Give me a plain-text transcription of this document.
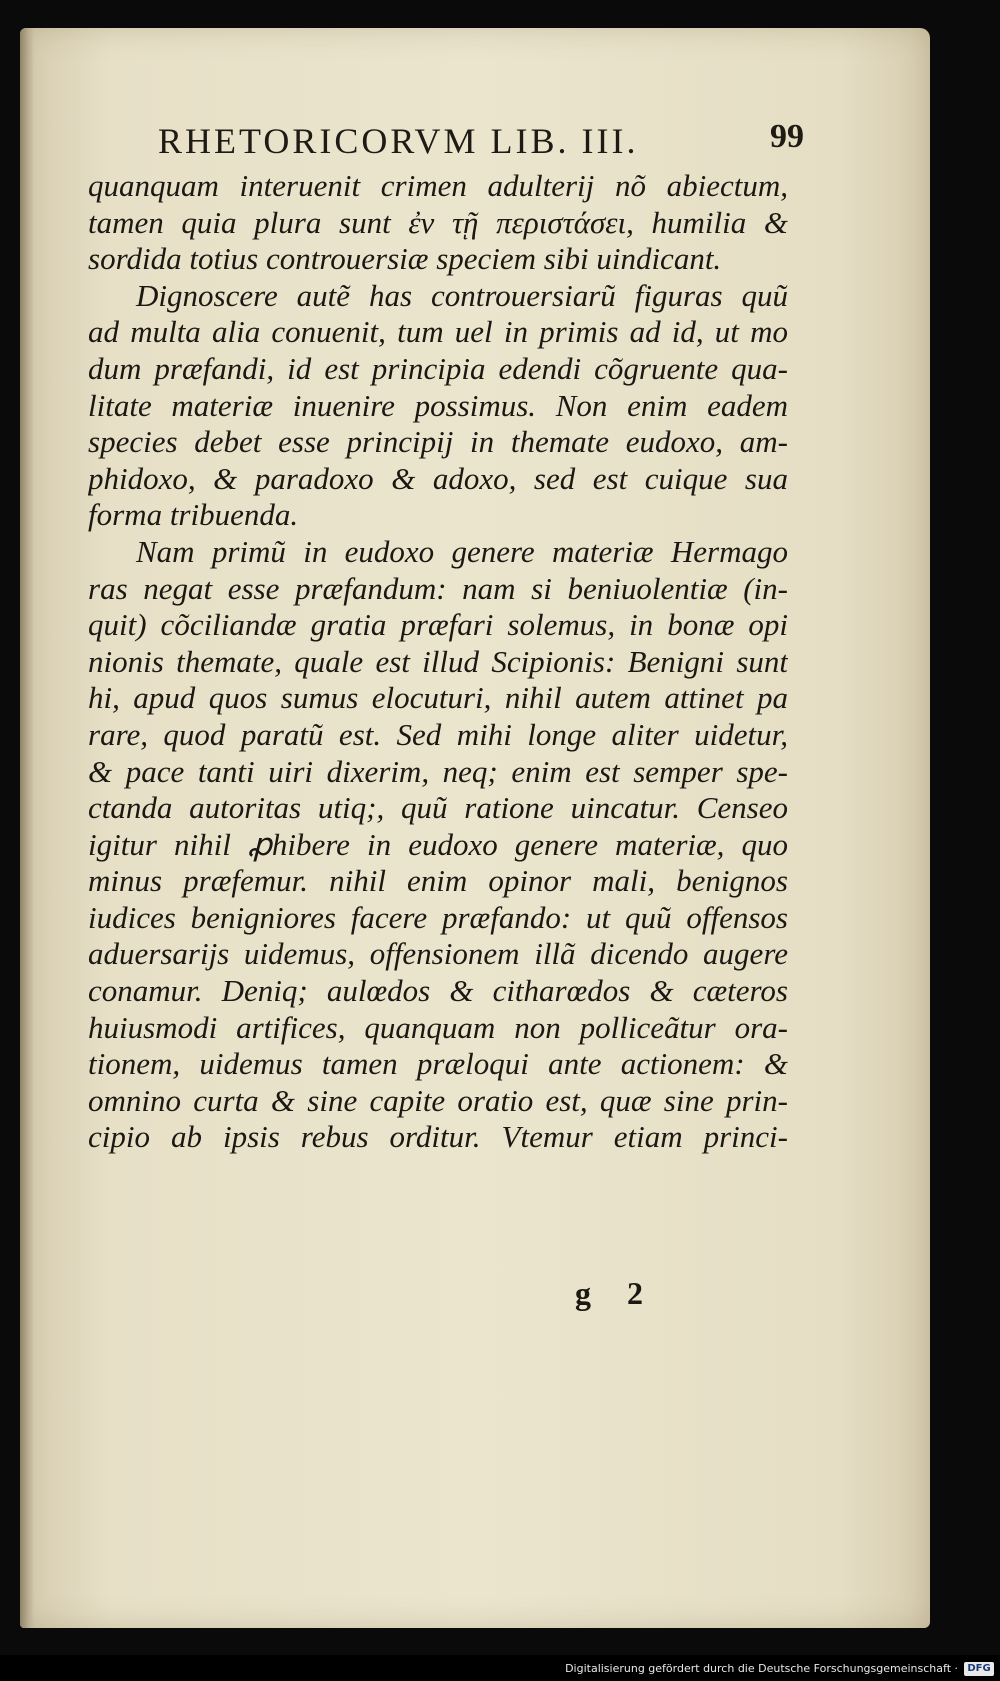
RHETORICORVM LIB. III.	99
quanquam interuenit crimen adulterij nõ abiectum,
tamen quia plura sunt ἐν τῇ περιστάσει, humilia &
sordida totius controuersiæ speciem sibi uindicant.
Dignoscere autẽ has controuersiarũ figuras quũ
ad multa alia conuenit, tum uel in primis ad id, ut mo
dum præfandi, id est principia edendi cõgruente qua-
litate materiæ inuenire possimus. Non enim eadem
species debet esse principij in themate eudoxo, am-
phidoxo, & paradoxo & adoxo, sed est cuique sua
forma tribuenda.
Nam primũ in eudoxo genere materiæ Hermago
ras negat esse præfandum: nam si beniuolentiæ (in-
quit) cõciliandæ gratia præfari solemus, in bonæ opi
nionis themate, quale est illud Scipionis: Benigni sunt
hi, apud quos sumus elocuturi, nihil autem attinet pa
rare, quod paratũ est. Sed mihi longe aliter uidetur,
& pace tanti uiri dixerim, neq; enim est semper spe-
ctanda autoritas utiq;, quũ ratione uincatur. Censeo
igitur nihil ꝓhibere in eudoxo genere materiæ, quo
minus præfemur. nihil enim opinor mali, benignos
iudices benigniores facere præfando: ut quũ offensos
aduersarijs uidemus, offensionem illã dicendo augere
conamur. Deniq; aulœdos & citharœdos & cæteros
huiusmodi artifices, quanquam non polliceãtur ora-
tionem, uidemus tamen præloqui ante actionem: &
omnino curta & sine capite oratio est, quæ sine prin-
cipio ab ipsis rebus orditur. Vtemur etiam princi-
g 2
Digitalisierung gefördert durch die Deutsche Forschungsgemeinschaft · DFG
